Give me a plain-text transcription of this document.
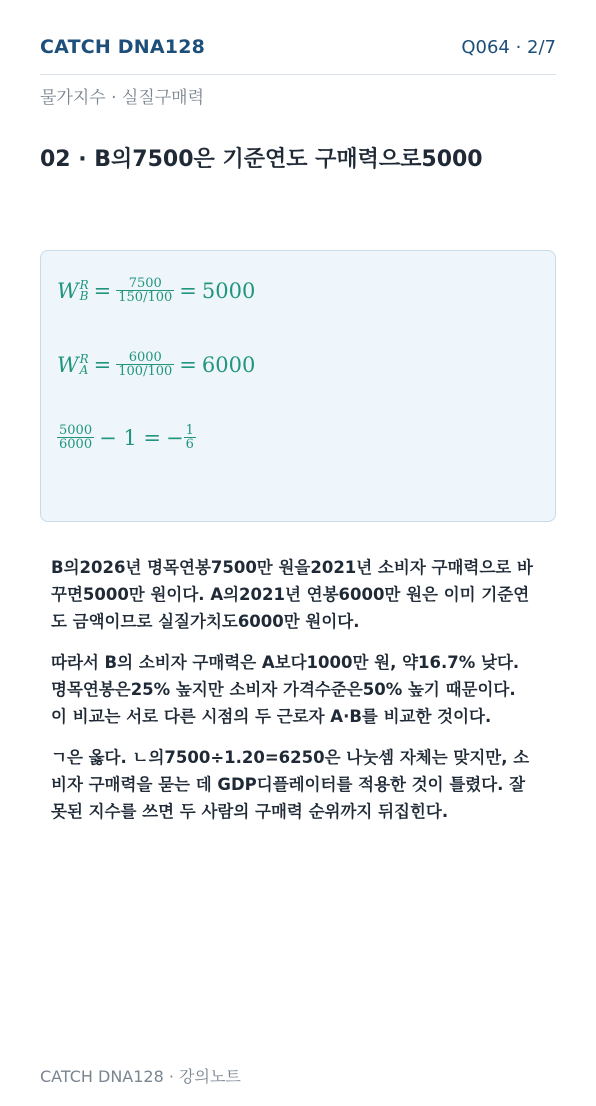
CATCH DNA128	Q064 · 2/7
물가지수 · 실질구매력
02 · B의7500은 기준연도 구매력으로5000
W R
$B = \frac{7500}{150/100} = 5000$
W R
$A = \frac{6000}{100/100} = 6000$
$\frac{5000}{6000} - 1$ = − $\frac{1}{6}$
B의2026년 명목연봉7500만 원을2021년 소비자 구매력으로 바
꾸면5000만 원이다. A의2021년 연봉6000만 원은 이미 기준연
도 금액이므로 실질가치도6000만 원이다.
따라서 B의 소비자 구매력은 A보다1000만 원, 약16.7% 낮다.
명목연봉은25% 높지만 소비자 가격수준은50% 높기 때문이다.
이 비교는 서로 다른 시점의 두 근로자 A·B를 비교한 것이다.
ㄱ은 옳다. ㄴ의7500÷1.20=6250은 나눗셈 자체는 맞지만, 소
비자 구매력을 묻는 데 GDP디플레이터를 적용한 것이 틀렸다. 잘
못된 지수를 쓰면 두 사람의 구매력 순위까지 뒤집힌다.
CATCH DNA128 · 강의노트
